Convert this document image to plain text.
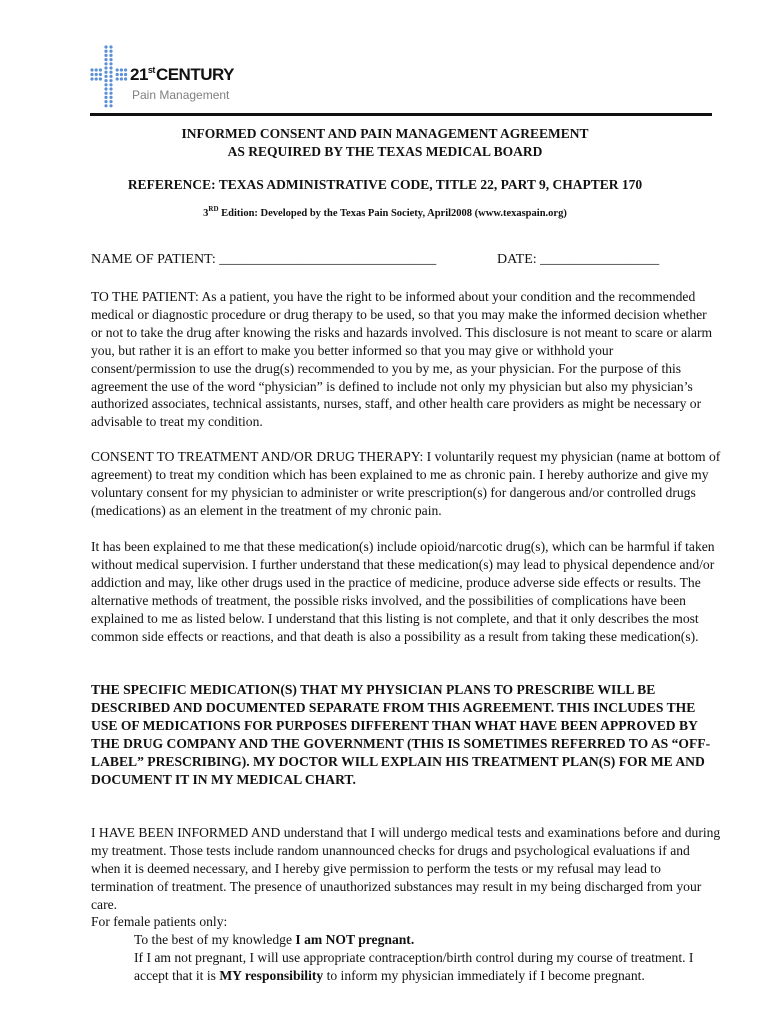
21stCENTURY
Pain Management
INFORMED CONSENT AND PAIN MANAGEMENT AGREEMENT
AS REQUIRED BY THE TEXAS MEDICAL BOARD
REFERENCE: TEXAS ADMINISTRATIVE CODE, TITLE 22, PART 9, CHAPTER 170
3RD Edition: Developed by the Texas Pain Society, April2008 (www.texaspain.org)
NAME OF PATIENT: _______________________________	DATE: _________________
TO THE PATIENT: As a patient, you have the right to be informed about your condition and the recommended medical or diagnostic procedure or drug therapy to be used, so that you may make the informed decision whether or not to take the drug after knowing the risks and hazards involved. This disclosure is not meant to scare or alarm you, but rather it is an effort to make you better informed so that you may give or withhold your consent/permission to use the drug(s) recommended to you by me, as your physician. For the purpose of this agreement the use of the word “physician” is defined to include not only my physician but also my physician’s authorized associates, technical assistants, nurses, staff, and other health care providers as might be necessary or advisable to treat my condition.
CONSENT TO TREATMENT AND/OR DRUG THERAPY: I voluntarily request my physician (name at bottom of agreement) to treat my condition which has been explained to me as chronic pain. I hereby authorize and give my voluntary consent for my physician to administer or write prescription(s) for dangerous and/or controlled drugs (medications) as an element in the treatment of my chronic pain.
It has been explained to me that these medication(s) include opioid/narcotic drug(s), which can be harmful if taken without medical supervision. I further understand that these medication(s) may lead to physical dependence and/or addiction and may, like other drugs used in the practice of medicine, produce adverse side effects or results. The alternative methods of treatment, the possible risks involved, and the possibilities of complications have been explained to me as listed below. I understand that this listing is not complete, and that it only describes the most common side effects or reactions, and that death is also a possibility as a result from taking these medication(s).
THE SPECIFIC MEDICATION(S) THAT MY PHYSICIAN PLANS TO PRESCRIBE WILL BE DESCRIBED AND DOCUMENTED SEPARATE FROM THIS AGREEMENT. THIS INCLUDES THE USE OF MEDICATIONS FOR PURPOSES DIFFERENT THAN WHAT HAVE BEEN APPROVED BY THE DRUG COMPANY AND THE GOVERNMENT (THIS IS SOMETIMES REFERRED TO AS “OFF-LABEL” PRESCRIBING). MY DOCTOR WILL EXPLAIN HIS TREATMENT PLAN(S) FOR ME AND DOCUMENT IT IN MY MEDICAL CHART.
I HAVE BEEN INFORMED AND understand that I will undergo medical tests and examinations before and during my treatment. Those tests include random unannounced checks for drugs and psychological evaluations if and when it is deemed necessary, and I hereby give permission to perform the tests or my refusal may lead to termination of treatment. The presence of unauthorized substances may result in my being discharged from your care.
For female patients only:
To the best of my knowledge I am NOT pregnant.
If I am not pregnant, I will use appropriate contraception/birth control during my course of treatment. I accept that it is MY responsibility to inform my physician immediately if I become pregnant.
